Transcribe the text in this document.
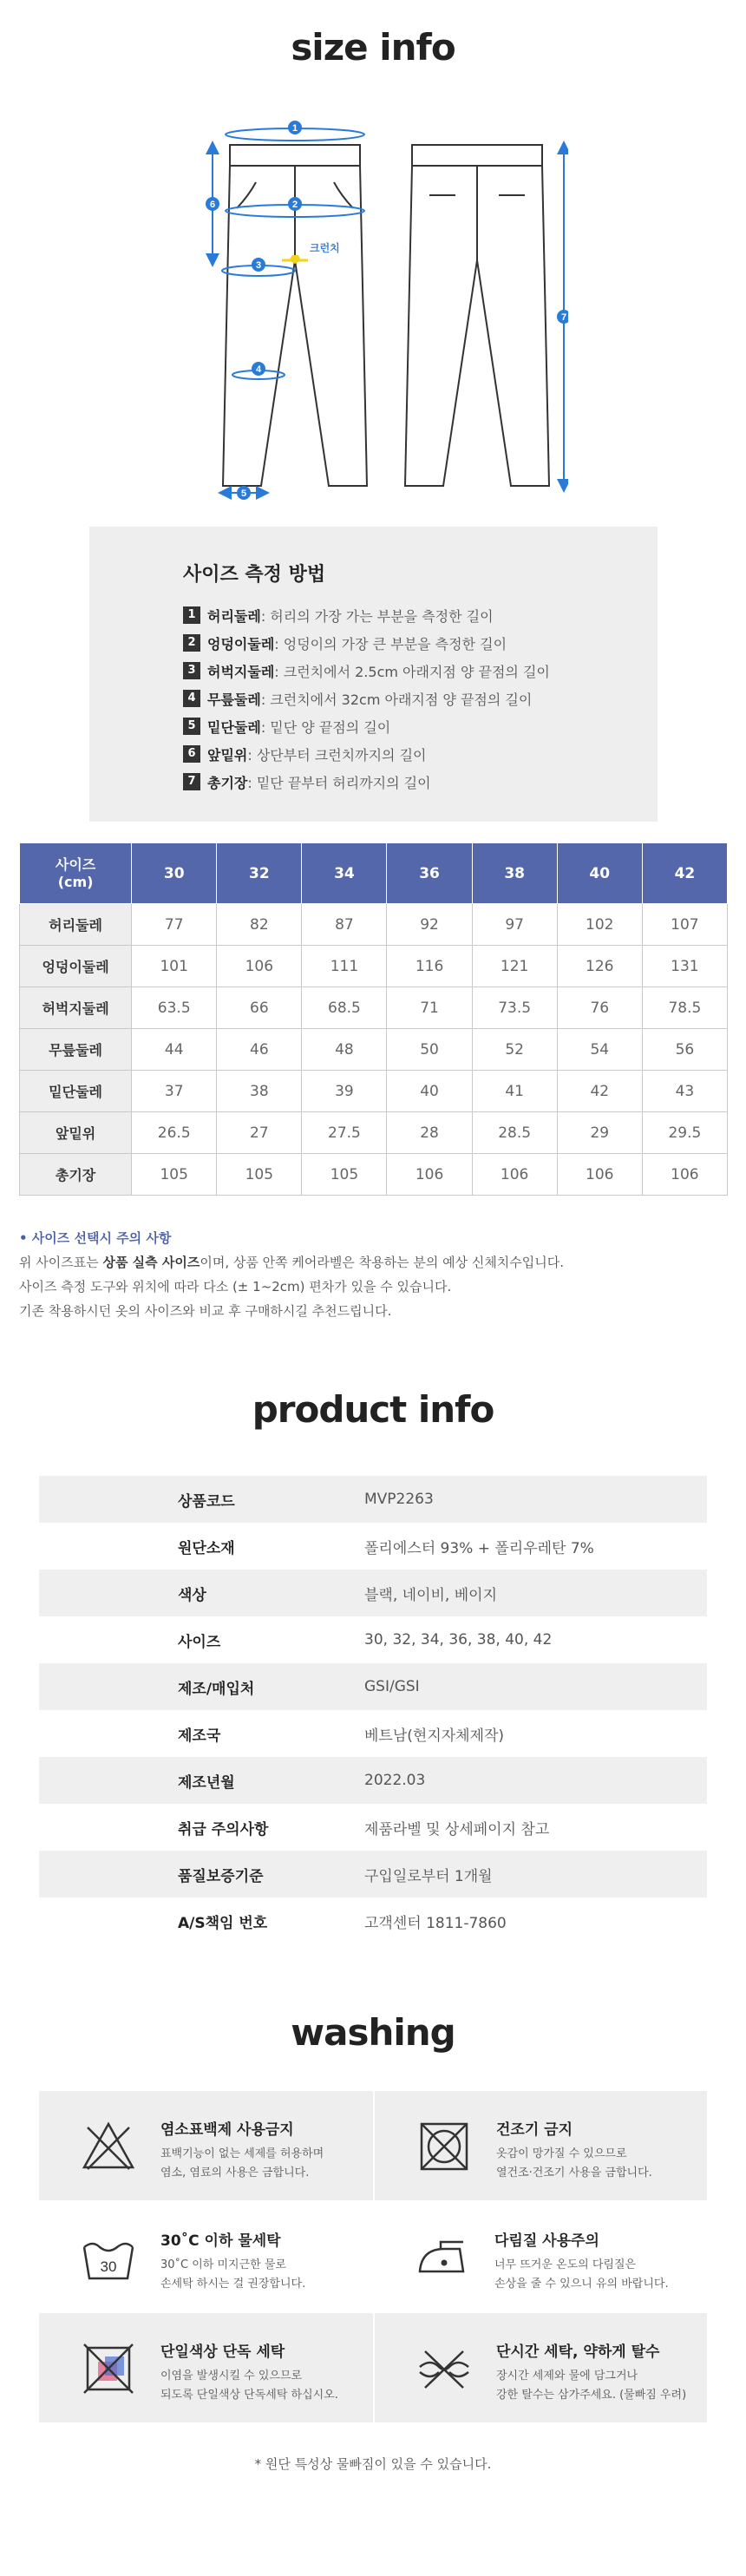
size info
1
2
3
4
5
6
7
크런치
사이즈 측정 방법
1 허리둘레 : 허리의 가장 가는 부분을 측정한 길이
2 엉덩이둘레 : 엉덩이의 가장 큰 부분을 측정한 길이
3 허벅지둘레 : 크런치에서 2.5cm 아래지점 양 끝점의 길이
4 무릎둘레 : 크런치에서 32cm 아래지점 양 끝점의 길이
5 밑단둘레 : 밑단 양 끝점의 길이
6 앞밑위 : 상단부터 크런치까지의 길이
7 총기장 : 밑단 끝부터 허리까지의 길이
사이즈
(cm)	30	32	34	36	38	40	42
허리둘레	77	82	87	92	97	102	107
엉덩이둘레	101	106	111	116	121	126	131
허벅지둘레	63.5	66	68.5	71	73.5	76	78.5
무릎둘레	44	46	48	50	52	54	56
밑단둘레	37	38	39	40	41	42	43
앞밑위	26.5	27	27.5	28	28.5	29	29.5
총기장	105	105	105	106	106	106	106
• 사이즈 선택시 주의 사항
위 사이즈표는 상품 실측 사이즈이며, 상품 안쪽 케어라벨은 착용하는 분의 예상 신체치수입니다.
사이즈 측정 도구와 위치에 따라 다소 (± 1~2cm) 편차가 있을 수 있습니다.
기존 착용하시던 옷의 사이즈와 비교 후 구매하시길 추천드립니다.
product info
상품코드	MVP2263
원단소재	폴리에스터 93% + 폴리우레탄 7%
색상	블랙, 네이비, 베이지
사이즈	30, 32, 34, 36, 38, 40, 42
제조/매입처	GSI/GSI
제조국	베트남(현지자체제작)
제조년월	2022.03
취급 주의사항	제품라벨 및 상세페이지 참고
품질보증기준	구입일로부터 1개월
A/S책임 번호	고객센터 1811-7860
washing
염소표백제 사용금지
표백기능이 없는 세제를 허용하며
염소, 염료의 사용은 금합니다.
건조기 금지
옷감이 망가질 수 있으므로
열건조·건조기 사용을 금합니다.
30
30˚C 이하 물세탁
30˚C 이하 미지근한 물로
손세탁 하시는 걸 권장합니다.
다림질 사용주의
너무 뜨거운 온도의 다림질은
손상을 줄 수 있으니 유의 바랍니다.
단일색상 단독 세탁
이염을 발생시킬 수 있으므로
되도록 단일색상 단독세탁 하십시오.
단시간 세탁, 약하게 탈수
장시간 세제와 물에 담그거나
강한 탈수는 삼가주세요. (물빠짐 우려)
* 원단 특성상 물빠짐이 있을 수 있습니다.
